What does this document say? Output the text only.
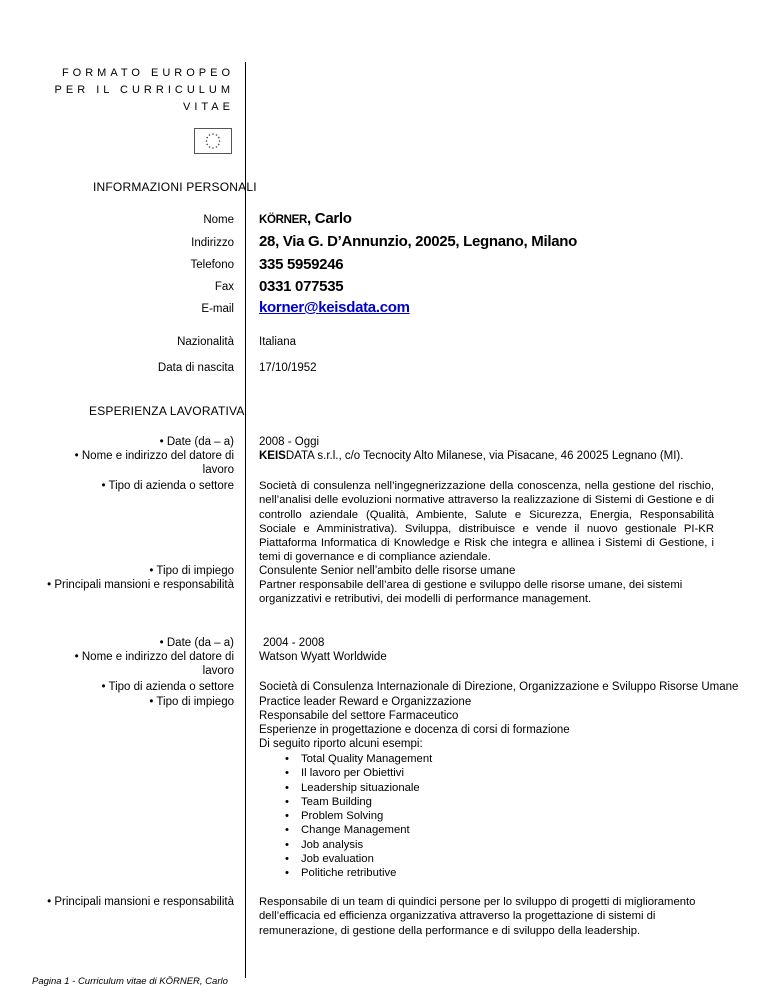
FORMATO EUROPEO
PER IL CURRICULUM
VITAE
INFORMAZIONI PERSONALI
Nome KÖRNER, Carlo
Indirizzo 28, Via G. D’Annunzio, 20025, Legnano, Milano
Telefono 335 5959246
Fax 0331 077535
E-mail korner@keisdata.com
Nazionalità Italiana
Data di nascita 17/10/1952
ESPERIENZA LAVORATIVA
• Date (da – a)
• Nome e indirizzo del datore di lavoro
• Tipo di azienda o settore
• Tipo di impiego
• Principali mansioni e responsabilità
2008 - Oggi
KEISDATA s.r.l., c/o Tecnocity Alto Milanese, via Pisacane, 46 20025 Legnano (MI).
Società di consulenza nell’ingegnerizzazione della conoscenza, nella gestione del rischio, nell’analisi delle evoluzioni normative attraverso la realizzazione di Sistemi di Gestione e di controllo aziendale (Qualità, Ambiente, Salute e Sicurezza, Energia, Responsabilità Sociale e Amministrativa). Sviluppa, distribuisce e vende il nuovo gestionale PI-KR Piattaforma Informatica di Knowledge e Risk che integra e allinea i Sistemi di Gestione, i temi di governance e di compliance aziendale.
Consulente Senior nell’ambito delle risorse umane
Partner responsabile dell’area di gestione e sviluppo delle risorse umane, dei sistemi organizzativi e retributivi, dei modelli di performance management.
• Date (da – a)
• Nome e indirizzo del datore di lavoro
• Tipo di azienda o settore
• Tipo di impiego
2004 - 2008
Watson Wyatt Worldwide
Società di Consulenza Internazionale di Direzione, Organizzazione e Sviluppo Risorse Umane
Practice leader Reward e Organizzazione
Responsabile del settore Farmaceutico
Esperienze in progettazione e docenza di corsi di formazione
Di seguito riporto alcuni esempi:
• Total Quality Management
• Il lavoro per Obiettivi
• Leadership situazionale
• Team Building
• Problem Solving
• Change Management
• Job analysis
• Job evaluation
• Politiche retributive
• Principali mansioni e responsabilità Responsabile di un team di quindici persone per lo sviluppo di progetti di miglioramento dell’efficacia ed efficienza organizzativa attraverso la progettazione di sistemi di remunerazione, di gestione della performance e di sviluppo della leadership.
Pagina 1 - Curriculum vitae di KÖRNER, Carlo
